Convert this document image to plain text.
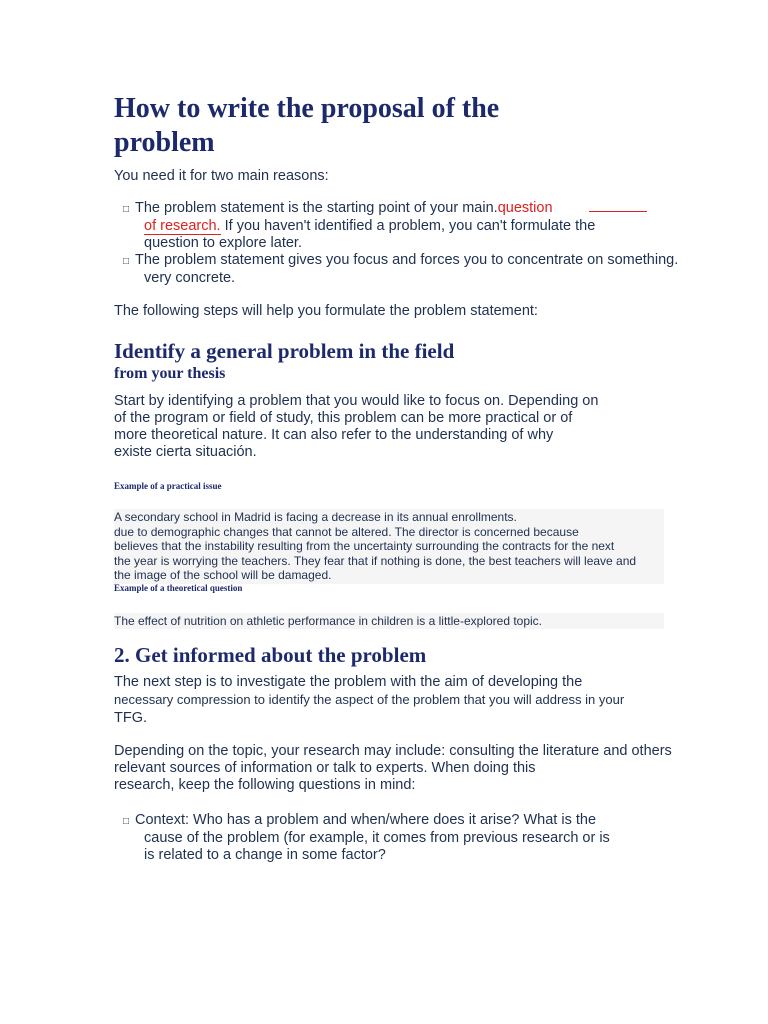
How to write the proposal of the problem

You need it for two main reasons:

□ The problem statement is the starting point of your main.question
of research. If you haven't identified a problem, you can't formulate the
question to explore later.
□ The problem statement gives you focus and forces you to concentrate on something.
very concrete.

The following steps will help you formulate the problem statement:

Identify a general problem in the field

from your thesis

Start by identifying a problem that you would like to focus on. Depending on

of the program or field of study, this problem can be more practical or of

more theoretical nature. It can also refer to the understanding of why

existe cierta situación.

Example of a practical issue

A secondary school in Madrid is facing a decrease in its annual enrollments.
due to demographic changes that cannot be altered. The director is concerned because
believes that the instability resulting from the uncertainty surrounding the contracts for the next
the year is worrying the teachers. They fear that if nothing is done, the best teachers will leave and
the image of the school will be damaged.

Example of a theoretical question

The effect of nutrition on athletic performance in children is a little-explored topic.
2. Get informed about the problem

The next step is to investigate the problem with the aim of developing the

necessary compression to identify the aspect of the problem that you will address in your

TFG.

Depending on the topic, your research may include: consulting the literature and others

relevant sources of information or talk to experts. When doing this

research, keep the following questions in mind:

□ Context: Who has a problem and when/where does it arise? What is the
cause of the problem (for example, it comes from previous research or is
is related to a change in some factor?
